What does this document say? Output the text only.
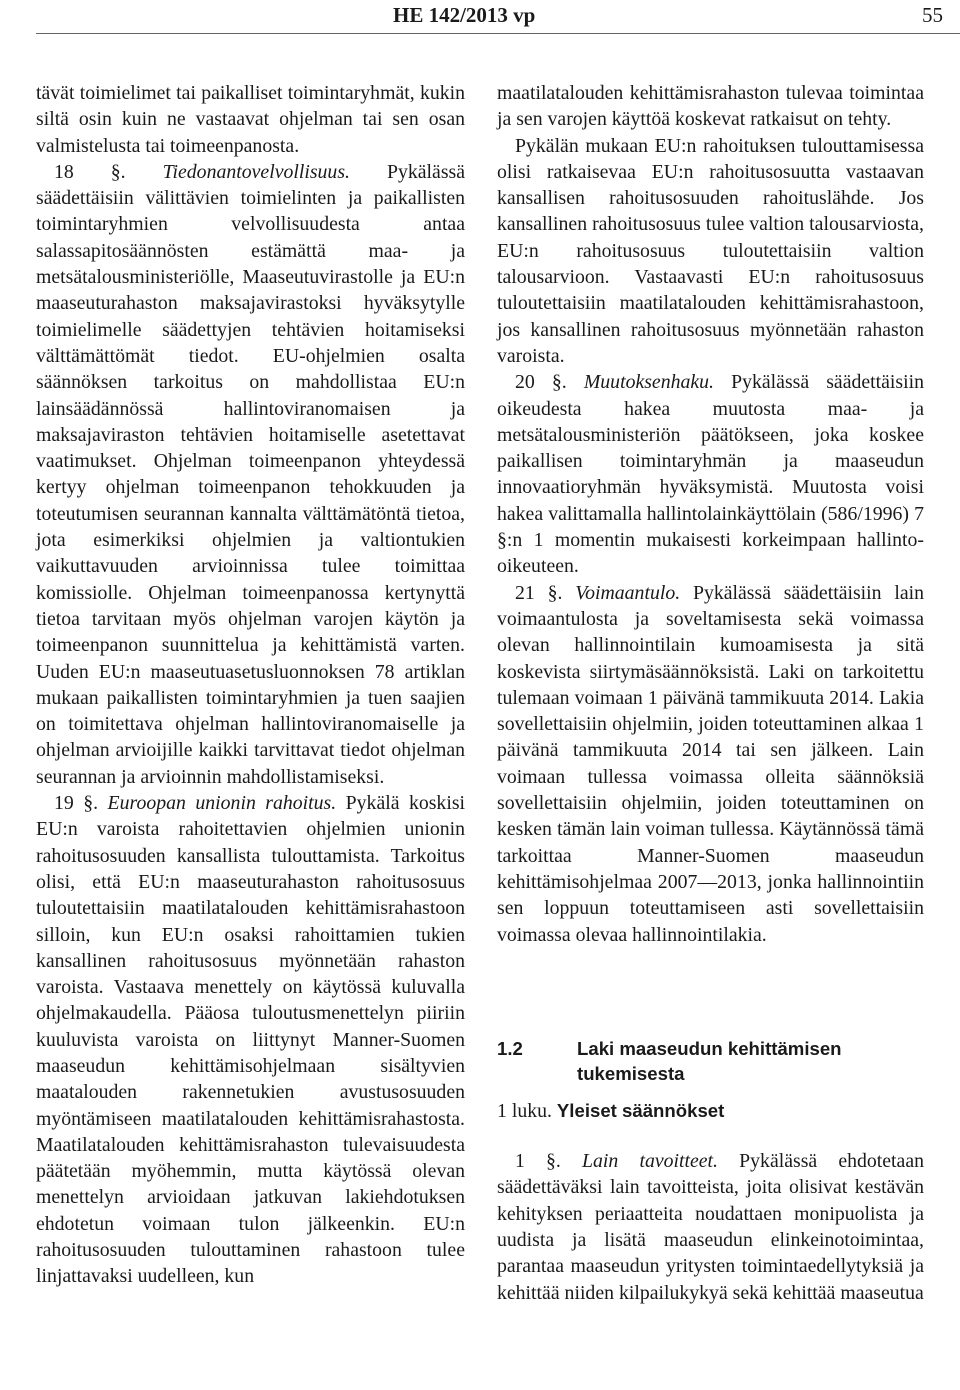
HE 142/2013 vp	55

tävät toimielimet tai paikalliset toimintaryhmät, kukin siltä osin kuin ne vastaavat ohjelman tai sen osan valmistelusta tai toimeenpanosta.

18 §. Tiedonantovelvollisuus. Pykälässä säädettäisiin välittävien toimielinten ja paikallisten toimintaryhmien velvollisuudesta antaa salassapitosäännösten estämättä maa- ja metsätalousministeriölle, Maaseutuvirastolle ja EU:n maaseuturahaston maksajavirastoksi hyväksytylle toimielimelle säädettyjen tehtävien hoitamiseksi välttämättömät tiedot. EU-ohjelmien osalta säännöksen tarkoitus on mahdollistaa EU:n lainsäädännössä hallintoviranomaisen ja maksajaviraston tehtävien hoitamiselle asetettavat vaatimukset. Ohjelman toimeenpanon yhteydessä kertyy ohjelman toimeenpanon tehokkuuden ja toteutumisen seurannan kannalta välttämätöntä tietoa, jota esimerkiksi ohjelmien ja valtiontukien vaikuttavuuden arvioinnissa tulee toimittaa komissiolle. Ohjelman toimeenpanossa kertynyttä tietoa tarvitaan myös ohjelman varojen käytön ja toimeenpanon suunnittelua ja kehittämistä varten. Uuden EU:n maaseutuasetusluonnoksen 78 artiklan mukaan paikallisten toimintaryhmien ja tuen saajien on toimitettava ohjelman hallintoviranomaiselle ja ohjelman arvioijille kaikki tarvittavat tiedot ohjelman seurannan ja arvioinnin mahdollistamiseksi.

19 §. Euroopan unionin rahoitus. Pykälä koskisi EU:n varoista rahoitettavien ohjelmien unionin rahoitusosuuden kansallista tulouttamista. Tarkoitus olisi, että EU:n maaseuturahaston rahoitusosuus tuloutettaisiin maatilatalouden kehittämisrahastoon silloin, kun EU:n osaksi rahoittamien tukien kansallinen rahoitusosuus myönnetään rahaston varoista. Vastaava menettely on käytössä kuluvalla ohjelmakaudella. Pääosa tuloutusmenettelyn piiriin kuuluvista varoista on liittynyt Manner-Suomen maaseudun kehittämisohjelmaan sisältyvien maatalouden rakennetukien avustusosuuden myöntämiseen maatilatalouden kehittämisrahastosta. Maatilatalouden kehittämisrahaston tulevaisuudesta päätetään myöhemmin, mutta käytössä olevan menettelyn arvioidaan jatkuvan lakiehdotuksen ehdotetun voimaan tulon jälkeenkin. EU:n rahoitusosuuden tulouttaminen rahastoon tulee linjattavaksi uudelleen, kun

maatilatalouden kehittämisrahaston tulevaa toimintaa ja sen varojen käyttöä koskevat ratkaisut on tehty.

Pykälän mukaan EU:n rahoituksen tulouttamisessa olisi ratkaisevaa EU:n rahoitusosuutta vastaavan kansallisen rahoitusosuuden rahoituslähde. Jos kansallinen rahoitusosuus tulee valtion talousarviosta, EU:n rahoitusosuus tuloutettaisiin valtion talousarvioon. Vastaavasti EU:n rahoitusosuus tuloutettaisiin maatilatalouden kehittämisrahastoon, jos kansallinen rahoitusosuus myönnetään rahaston varoista.

20 §. Muutoksenhaku. Pykälässä säädettäisiin oikeudesta hakea muutosta maa- ja metsätalousministeriön päätökseen, joka koskee paikallisen toimintaryhmän ja maaseudun innovaatioryhmän hyväksymistä. Muutosta voisi hakea valittamalla hallintolainkäyttölain (586/1996) 7 §:n 1 momentin mukaisesti korkeimpaan hallinto-oikeuteen.

21 §. Voimaantulo. Pykälässä säädettäisiin lain voimaantulosta ja soveltamisesta sekä voimassa olevan hallinnointilain kumoamisesta ja sitä koskevista siirtymäsäännöksistä. Laki on tarkoitettu tulemaan voimaan 1 päivänä tammikuuta 2014. Lakia sovellettaisiin ohjelmiin, joiden toteuttaminen alkaa 1 päivänä tammikuuta 2014 tai sen jälkeen. Lain voimaan tullessa voimassa olleita säännöksiä sovellettaisiin ohjelmiin, joiden toteuttaminen on kesken tämän lain voiman tullessa. Käytännössä tämä tarkoittaa Manner-Suomen maaseudun kehittämisohjelmaa 2007—2013, jonka hallinnointiin sen loppuun toteuttamiseen asti sovellettaisiin voimassa olevaa hallinnointilakia.

1.2	Laki maaseudun kehittämisen tukemisesta

1 luku. Yleiset säännökset

1 §. Lain tavoitteet. Pykälässä ehdotetaan säädettäväksi lain tavoitteista, joita olisivat kestävän kehityksen periaatteita noudattaen monipuolista ja uudista ja lisätä maaseudun elinkeinotoimintaa, parantaa maaseudun yritysten toimintaedellytyksiä ja kehittää niiden kilpailukykyä sekä kehittää maaseutua
